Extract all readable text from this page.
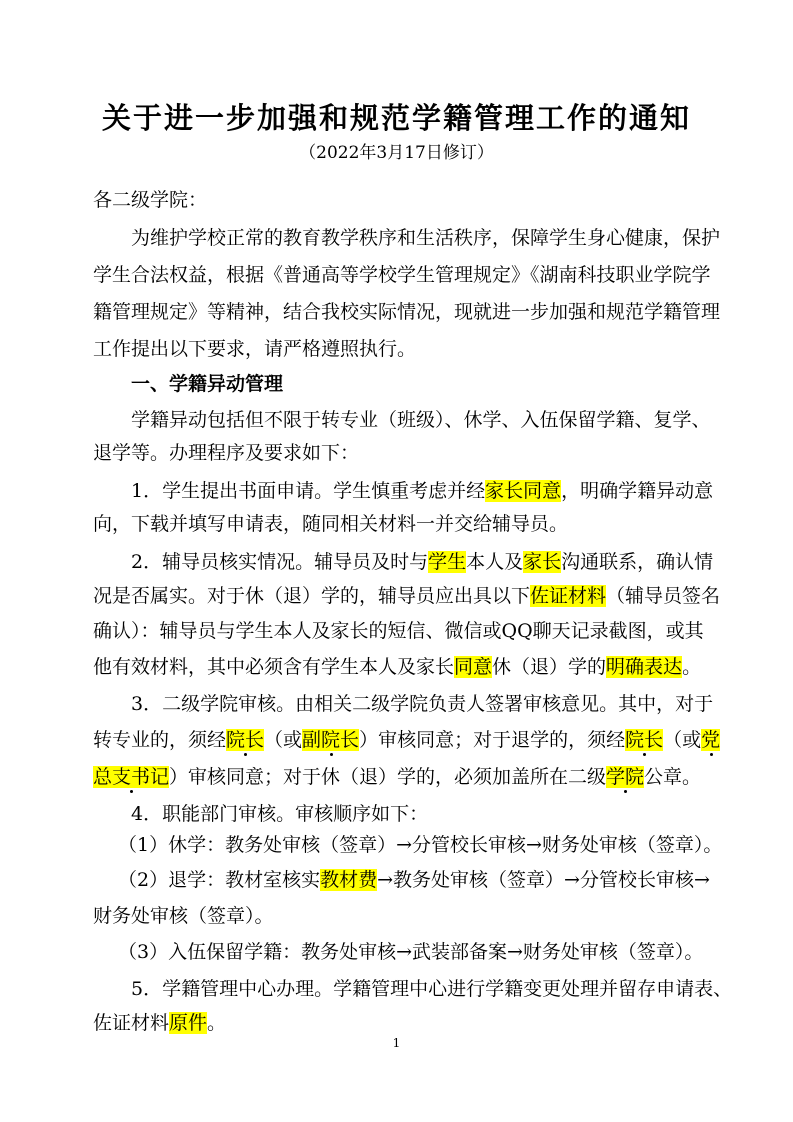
关于进一步加强和规范学籍管理工作的通知
（2022年3月17日修订）
各二级学院：
为维护学校正常的教育教学秩序和生活秩序，保障学生身心健康，保护
学生合法权益，根据《普通高等学校学生管理规定》《湖南科技职业学院学
籍管理规定》等精神，结合我校实际情况，现就进一步加强和规范学籍管理
工作提出以下要求，请严格遵照执行。
一、学籍异动管理
学籍异动包括但不限于转专业（班级）、休学、入伍保留学籍、复学、
退学等。办理程序及要求如下：
1．学生提出书面申请。学生慎重考虑并经家长同意，明确学籍异动意
向，下载并填写申请表，随同相关材料一并交给辅导员。
2．辅导员核实情况。辅导员及时与学生本人及家长沟通联系，确认情
况是否属实。对于休（退）学的，辅导员应出具以下佐证材料（辅导员签名
确认）：辅导员与学生本人及家长的短信、微信或QQ聊天记录截图，或其
他有效材料，其中必须含有学生本人及家长同意休（退）学的明确表达。
3．二级学院审核。由相关二级学院负责人签署审核意见。其中，对于
转专业的，须经院长（或副院长）审核同意；对于退学的，须经院长（或党
总支书记）审核同意；对于休（退）学的，必须加盖所在二级学院公章。
4．职能部门审核。审核顺序如下：
（1）休学：教务处审核（签章）→分管校长审核→财务处审核（签章）。
（2）退学：教材室核实教材费→教务处审核（签章）→分管校长审核→
财务处审核（签章）。
（3）入伍保留学籍：教务处审核→武装部备案→财务处审核（签章）。
5．学籍管理中心办理。学籍管理中心进行学籍变更处理并留存申请表、
佐证材料原件。
1
